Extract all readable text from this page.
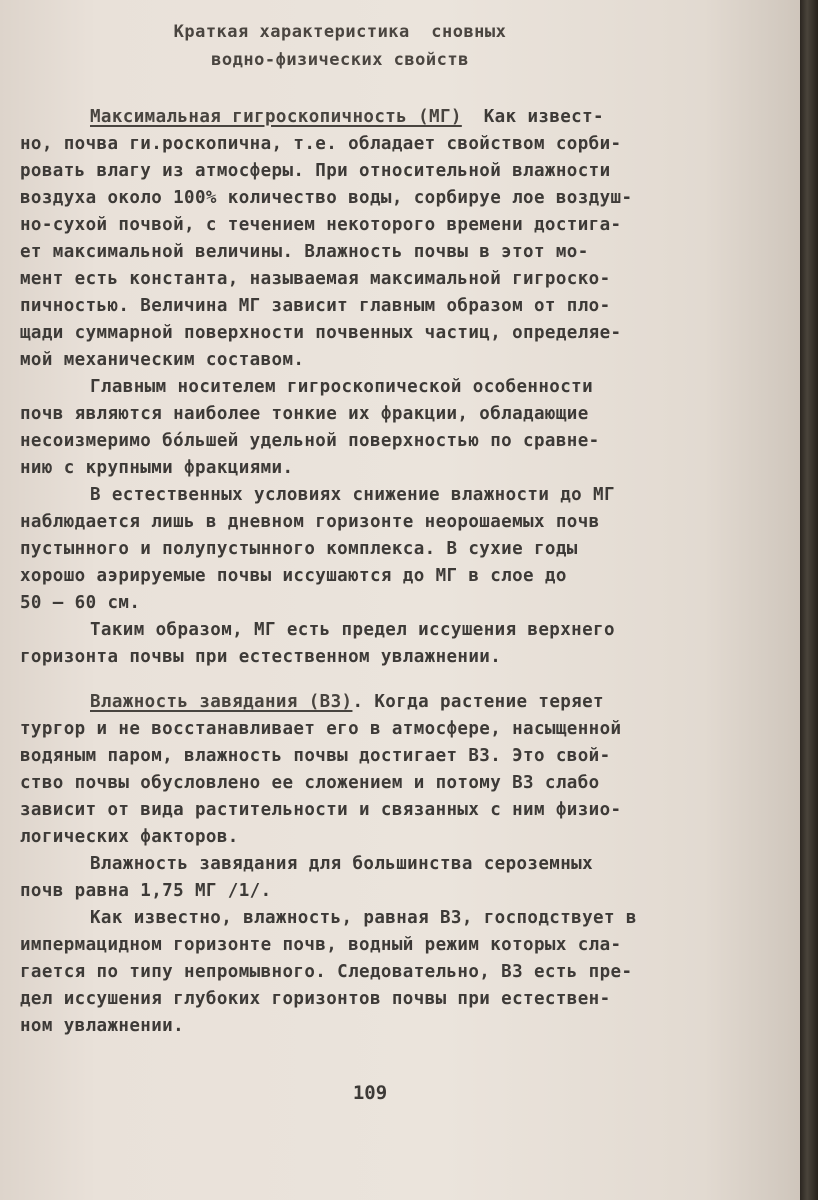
Краткая характеристика  сновных
водно-физических свойств
Максимальная гигроскопичность (МГ)  Как извест-
но, почва ги.роскопична, т.е. обладает свойством сорби-
ровать влагу из атмосферы. При относительной влажности
воздуха около 100% количество воды, сорбируе лое воздуш-
но-сухой почвой, с течением некоторого времени достига-
ет максимальной величины. Влажность почвы в этот мо-
мент есть константа, называемая максимальной гигроско-
пичностью. Величина МГ зависит главным образом от пло-
щади суммарной поверхности почвенных частиц, определяе-
мой механическим составом.
Главным носителем гигроскопической особенности
почв являются наиболее тонкие их фракции, обладающие
несоизмеримо бо́льшей удельной поверхностью по сравне-
нию с крупными фракциями.
В естественных условиях снижение влажности до МГ
наблюдается лишь в дневном горизонте неорошаемых почв
пустынного и полупустынного комплекса. В сухие годы
хорошо аэрируемые почвы иссушаются до МГ в слое до
50 – 60 см.
Таким образом, МГ есть предел иссушения верхнего
горизонта почвы при естественном увлажнении.
Влажность завядания (ВЗ). Когда растение теряет
тургор и не восстанавливает его в атмосфере, насыщенной
водяным паром, влажность почвы достигает ВЗ. Это свой-
ство почвы обусловлено ее сложением и потому ВЗ слабо
зависит от вида растительности и связанных с ним физио-
логических факторов.
Влажность завядания для большинства сероземных
почв равна 1,75 МГ /1/.
Как известно, влажность, равная ВЗ, господствует в
импермацидном горизонте почв, водный режим которых сла-
гается по типу непромывного. Следовательно, ВЗ есть пре-
дел иссушения глубоких горизонтов почвы при естествен-
ном увлажнении.
109
